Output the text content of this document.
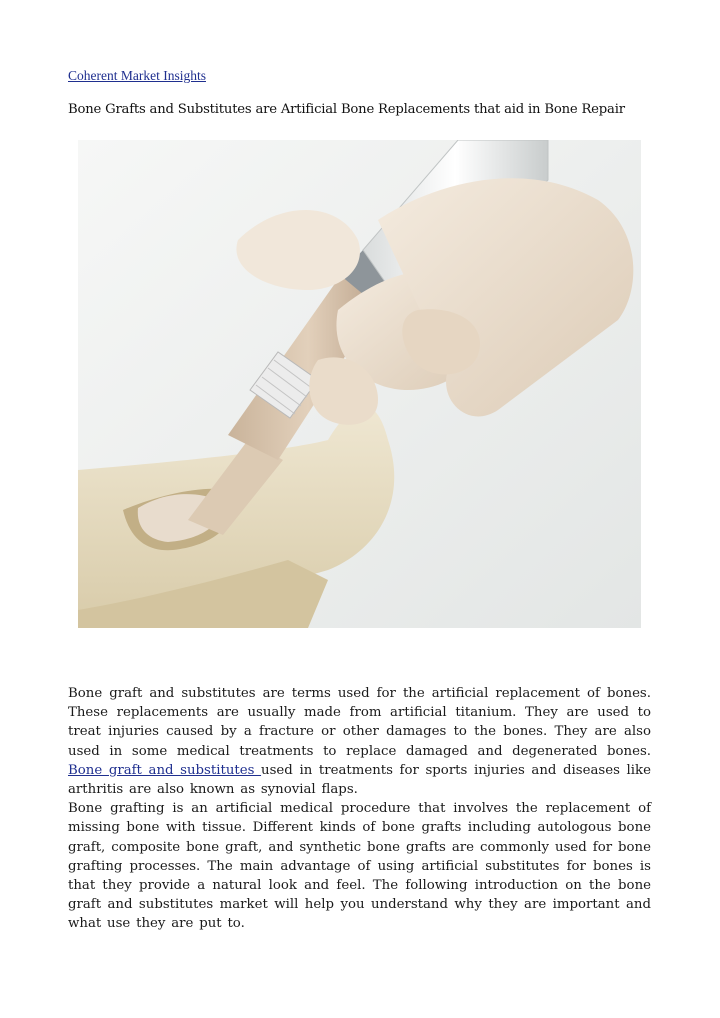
Coherent Market Insights
Bone Grafts and Substitutes are Artificial Bone Replacements that aid in Bone Repair

Bone graft and substitutes are terms used for the artificial replacement of bones. These replacements are usually made from artificial titanium. They are used to treat injuries caused by a fracture or other damages to the bones. They are also used in some medical treatments to replace damaged and degenerated bones. Bone graft and substitutes used in treatments for sports injuries and diseases like arthritis are also known as synovial flaps.

Bone grafting is an artificial medical procedure that involves the replacement of missing bone with tissue. Different kinds of bone grafts including autologous bone graft, composite bone graft, and synthetic bone grafts are commonly used for bone grafting processes. The main advantage of using artificial substitutes for bones is that they provide a natural look and feel. The following introduction on the bone graft and substitutes market will help you understand why they are important and what use they are put to.
